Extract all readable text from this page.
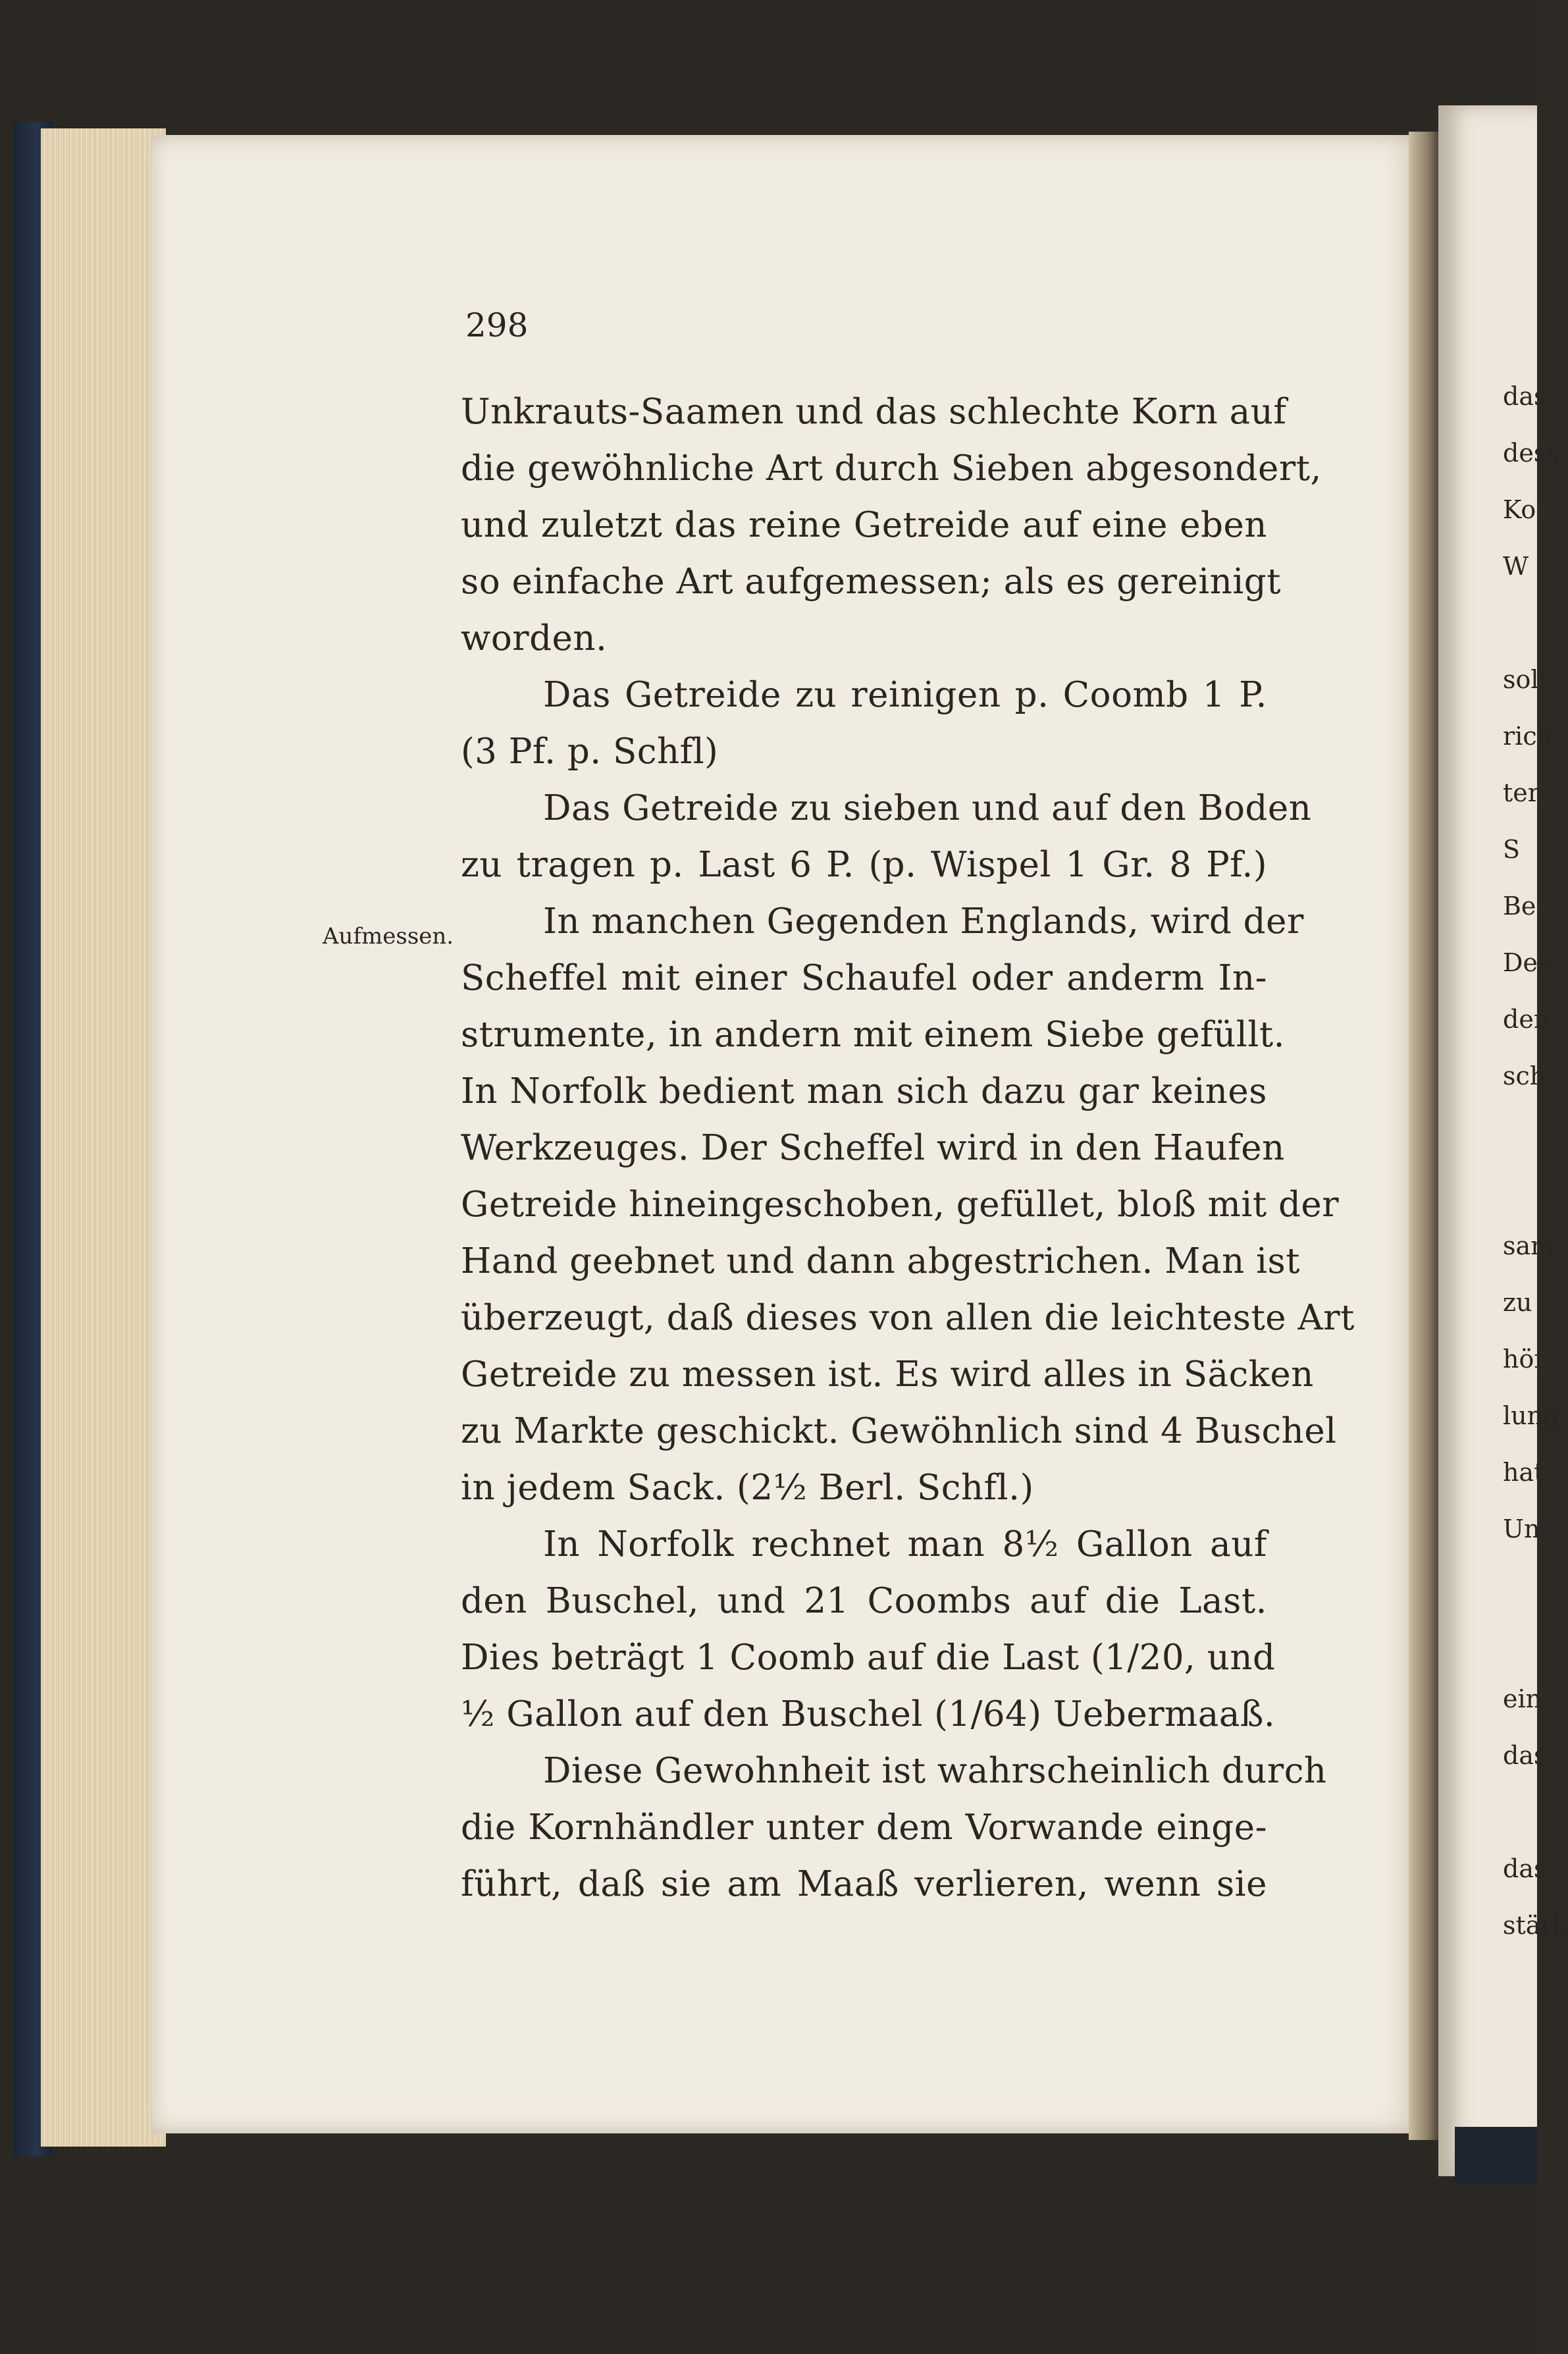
298
Aufmessen.
Unkrauts-Saamen und das schlechte Korn auf
die gewöhnliche Art durch Sieben abgesondert,
und zuletzt das reine Getreide auf eine eben
so einfache Art aufgemessen; als es gereinigt
worden.
Das Getreide zu reinigen p. Coomb 1 P.
(3 Pf. p. Schfl)
Das Getreide zu sieben und auf den Boden
zu tragen p. Last 6 P. (p. Wispel 1 Gr. 8 Pf.)
In manchen Gegenden Englands, wird der
Scheffel mit einer Schaufel oder anderm In-
strumente, in andern mit einem Siebe gefüllt.
In Norfolk bedient man sich dazu gar keines
Werkzeuges. Der Scheffel wird in den Haufen
Getreide hineingeschoben, gefüllet, bloß mit der
Hand geebnet und dann abgestrichen. Man ist
überzeugt, daß dieses von allen die leichteste Art
Getreide zu messen ist. Es wird alles in Säcken
zu Markte geschickt. Gewöhnlich sind 4 Buschel
in jedem Sack. (2½ Berl. Schfl.)
In Norfolk rechnet man 8½ Gallon auf
den Buschel, und 21 Coombs auf die Last.
Dies beträgt 1 Coomb auf die Last (1/20, und
½ Gallon auf den Buschel (1/64) Uebermaaß.
Diese Gewohnheit ist wahrscheinlich durch
die Kornhändler unter dem Vorwande einge-
führt, daß sie am Maaß verlieren, wenn sie
das
dess
Ko
W
soll
rich
ter
S
Be
Des
den
sch
sam
zu
höf
lung
hat
Un
ein
das
das
stärk
